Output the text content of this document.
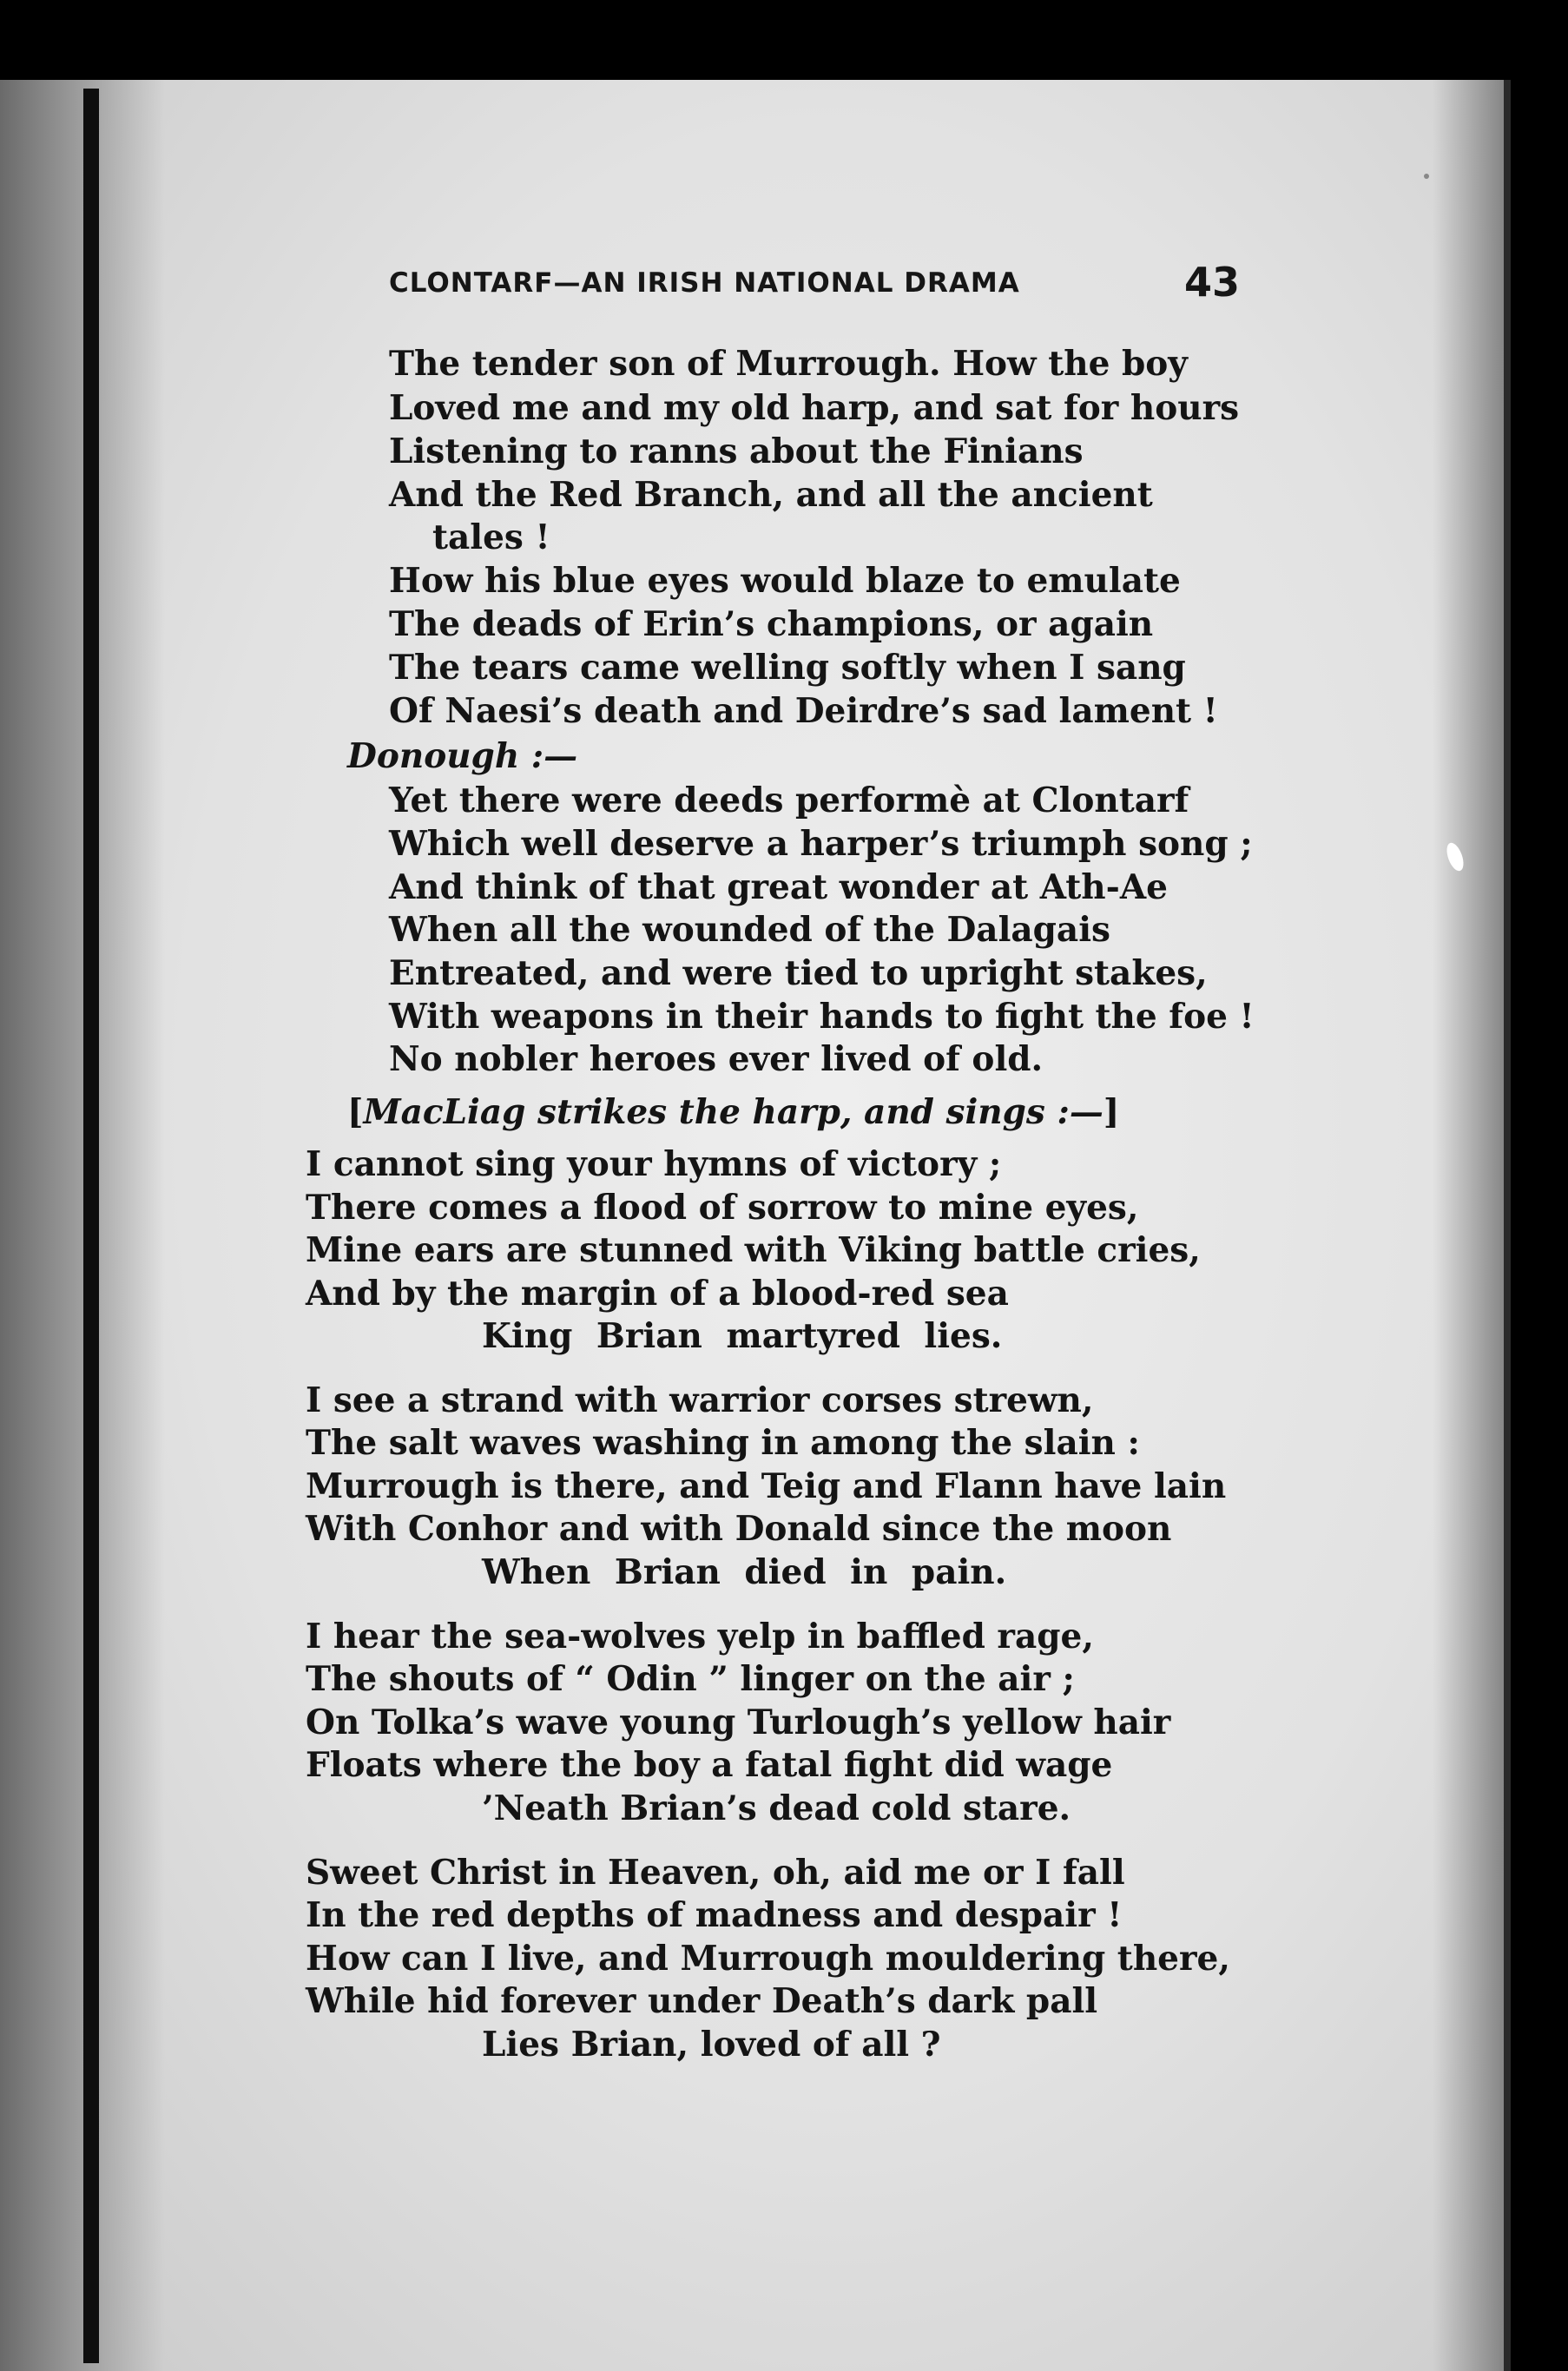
CLONTARF—AN IRISH NATIONAL DRAMA	43
The tender son of Murrough. How the boy
Loved me and my old harp, and sat for hours
Listening to ranns about the Finians
And the Red Branch, and all the ancient
tales !
How his blue eyes would blaze to emulate
The deads of Erin’s champions, or again
The tears came welling softly when I sang
Of Naesi’s death and Deirdre’s sad lament !
Donough :—
Yet there were deeds performè at Clontarf
Which well deserve a harper’s triumph song ;
And think of that great wonder at Ath-Ae
When all the wounded of the Dalagais
Entreated, and were tied to upright stakes,
With weapons in their hands to fight the foe !
No nobler heroes ever lived of old.
[MacLiag strikes the harp, and sings :—]
I cannot sing your hymns of victory ;
There comes a flood of sorrow to mine eyes,
Mine ears are stunned with Viking battle cries,
And by the margin of a blood-red sea
King Brian martyred lies.
I see a strand with warrior corses strewn,
The salt waves washing in among the slain :
Murrough is there, and Teig and Flann have lain
With Conhor and with Donald since the moon
When Brian died in pain.
I hear the sea-wolves yelp in baffled rage,
The shouts of “ Odin ” linger on the air ;
On Tolka’s wave young Turlough’s yellow hair
Floats where the boy a fatal fight did wage
’Neath Brian’s dead cold stare.
Sweet Christ in Heaven, oh, aid me or I fall
In the red depths of madness and despair !
How can I live, and Murrough mouldering there,
While hid forever under Death’s dark pall
Lies Brian, loved of all ?
